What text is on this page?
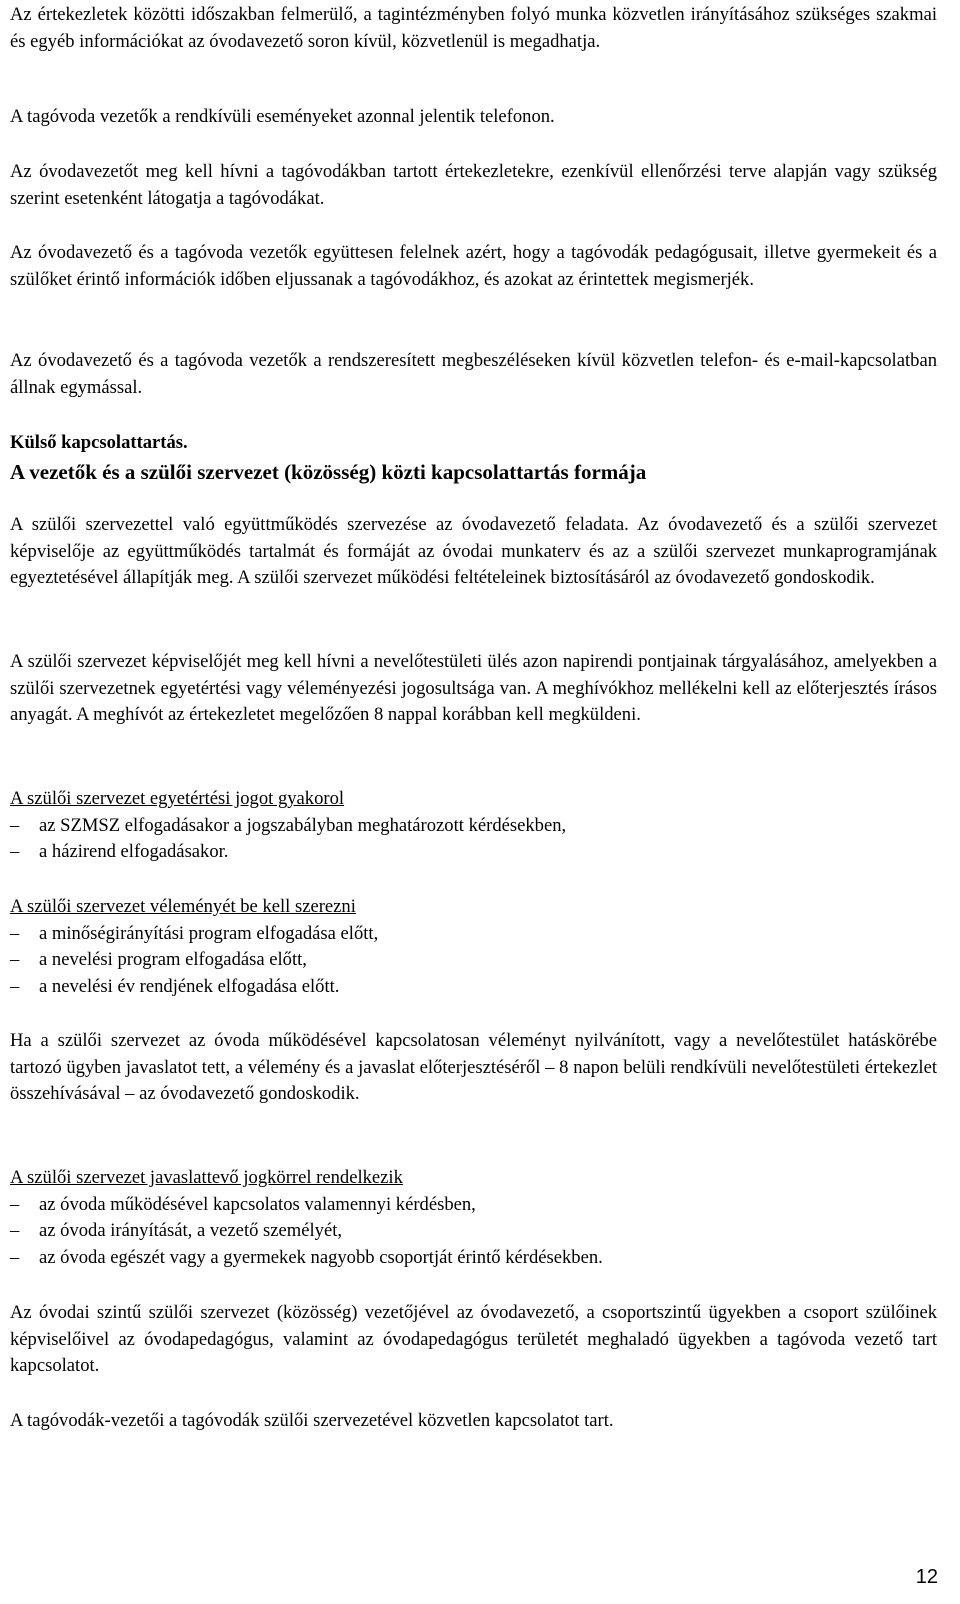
Az értekezletek közötti időszakban felmerülő, a tagintézményben folyó munka közvetlen irányításához szükséges szakmai és egyéb információkat az óvodavezető soron kívül, közvetlenül is megadhatja.

A tagóvoda vezetők a rendkívüli eseményeket azonnal jelentik telefonon.

Az óvodavezetőt meg kell hívni a tagóvodákban tartott értekezletekre, ezenkívül ellenőrzési terve alapján vagy szükség szerint esetenként látogatja a tagóvodákat.

Az óvodavezető és a tagóvoda vezetők együttesen felelnek azért, hogy a tagóvodák pedagógusait, illetve gyermekeit és a szülőket érintő információk időben eljussanak a tagóvodákhoz, és azokat az érintettek megismerjék.

Az óvodavezető és a tagóvoda vezetők a rendszeresített megbeszéléseken kívül közvetlen telefon- és e-mail-kapcsolatban állnak egymással.

Külső kapcsolattartás.

A vezetők és a szülői szervezet (közösség) közti kapcsolattartás formája

A szülői szervezettel való együttműködés szervezése az óvodavezető feladata. Az óvodavezető és a szülői szervezet képviselője az együttműködés tartalmát és formáját az óvodai munkaterv és az a szülői szervezet munkaprogramjának egyeztetésével állapítják meg. A szülői szervezet működési feltételeinek biztosításáról az óvodavezető gondoskodik.

A szülői szervezet képviselőjét meg kell hívni a nevelőtestületi ülés azon napirendi pontjainak tárgyalásához, amelyekben a szülői szervezetnek egyetértési vagy véleményezési jogosultsága van. A meghívókhoz mellékelni kell az előterjesztés írásos anyagát. A meghívót az értekezletet megelőzően 8 nappal korábban kell megküldeni.

A szülői szervezet egyetértési jogot gyakorol

– az SZMSZ elfogadásakor a jogszabályban meghatározott kérdésekben,
– a házirend elfogadásakor.

A szülői szervezet véleményét be kell szerezni

– a minőségirányítási program elfogadása előtt,
– a nevelési program elfogadása előtt,
– a nevelési év rendjének elfogadása előtt.

Ha a szülői szervezet az óvoda működésével kapcsolatosan véleményt nyilvánított, vagy a nevelőtestület hatáskörébe tartozó ügyben javaslatot tett, a vélemény és a javaslat előterjesztéséről – 8 napon belüli rendkívüli nevelőtestületi értekezlet összehívásával – az óvodavezető gondoskodik.

A szülői szervezet javaslattevő jogkörrel rendelkezik

– az óvoda működésével kapcsolatos valamennyi kérdésben,
– az óvoda irányítását, a vezető személyét,
– az óvoda egészét vagy a gyermekek nagyobb csoportját érintő kérdésekben.

Az óvodai szintű szülői szervezet (közösség) vezetőjével az óvodavezető, a csoportszintű ügyekben a csoport szülőinek képviselőivel az óvodapedagógus, valamint az óvodapedagógus területét meghaladó ügyekben a tagóvoda vezető tart kapcsolatot.

A tagóvodák-vezetői a tagóvodák szülői szervezetével közvetlen kapcsolatot tart.

12
